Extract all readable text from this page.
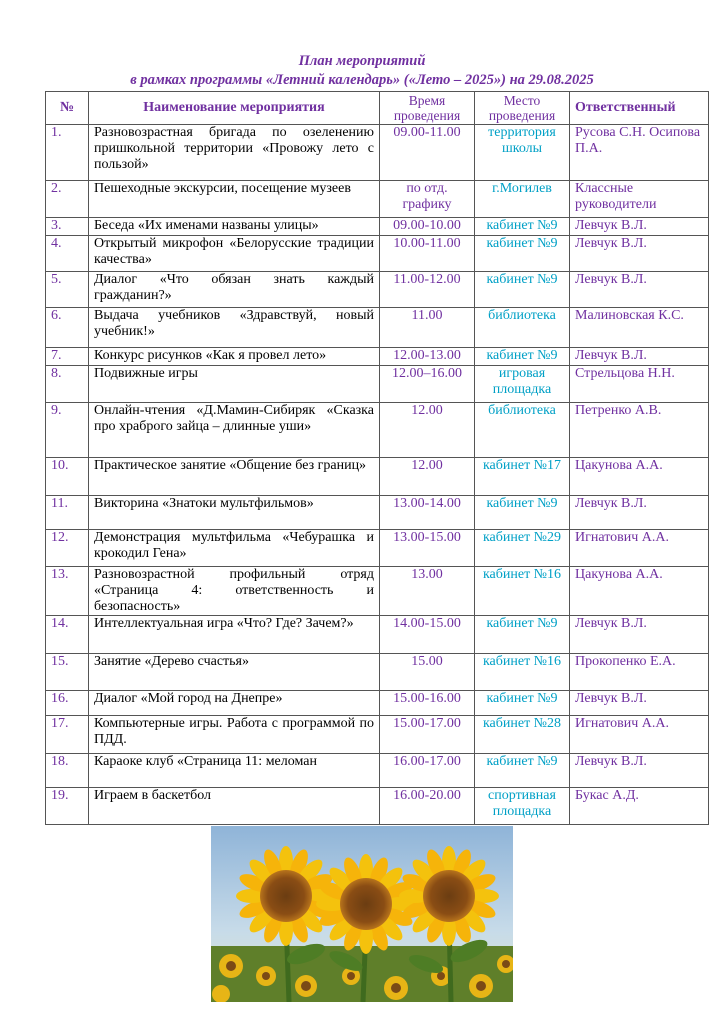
План мероприятий
в рамках программы «Летний календарь» («Лето – 2025») на 29.08.2025
№	Наименование мероприятия	Время проведения	Место проведения	Ответственный
1.	Разновозрастная бригада по озеленению пришкольной территории «Провожу лето с пользой»	09.00-11.00	территория школы	Русова С.Н. Осипова П.А.
2.	Пешеходные экскурсии, посещение музеев	по отд. графику	г.Могилев	Классные руководители
3.	Беседа «Их именами названы улицы»	09.00-10.00	кабинет №9	Левчук В.Л.
4.	Открытый микрофон «Белорусские традиции качества»	10.00-11.00	кабинет №9	Левчук В.Л.
5.	Диалог «Что обязан знать каждый гражданин?»	11.00-12.00	кабинет №9	Левчук В.Л.
6.	Выдача учебников «Здравствуй, новый учебник!»	11.00	библиотека	Малиновская К.С.
7.	Конкурс рисунков «Как я провел лето»	12.00-13.00	кабинет №9	Левчук В.Л.
8.	Подвижные игры	12.00–16.00	игровая площадка	Стрельцова Н.Н.
9.	Онлайн-чтения «Д.Мамин-Сибиряк «Сказка про храброго зайца – длинные уши»	12.00	библиотека	Петренко А.В.
10.	Практическое занятие «Общение без границ»	12.00	кабинет №17	Цакунова А.А.
11.	Викторина «Знатоки мультфильмов»	13.00-14.00	кабинет №9	Левчук В.Л.
12.	Демонстрация мультфильма «Чебурашка и крокодил Гена»	13.00-15.00	кабинет №29	Игнатович А.А.
13.	Разновозрастной профильный отряд «Страница 4: ответственность и безопасность»	13.00	кабинет №16	Цакунова А.А.
14.	Интеллектуальная игра «Что? Где? Зачем?»	14.00-15.00	кабинет №9	Левчук В.Л.
15.	Занятие «Дерево счастья»	15.00	кабинет №16	Прокопенко Е.А.
16.	Диалог «Мой город на Днепре»	15.00-16.00	кабинет №9	Левчук В.Л.
17.	Компьютерные игры. Работа с программой по ПДД.	15.00-17.00	кабинет №28	Игнатович А.А.
18.	Караоке клуб «Страница 11: меломан	16.00-17.00	кабинет №9	Левчук В.Л.
19.	Играем в баскетбол	16.00-20.00	спортивная площадка	Букас А.Д.
